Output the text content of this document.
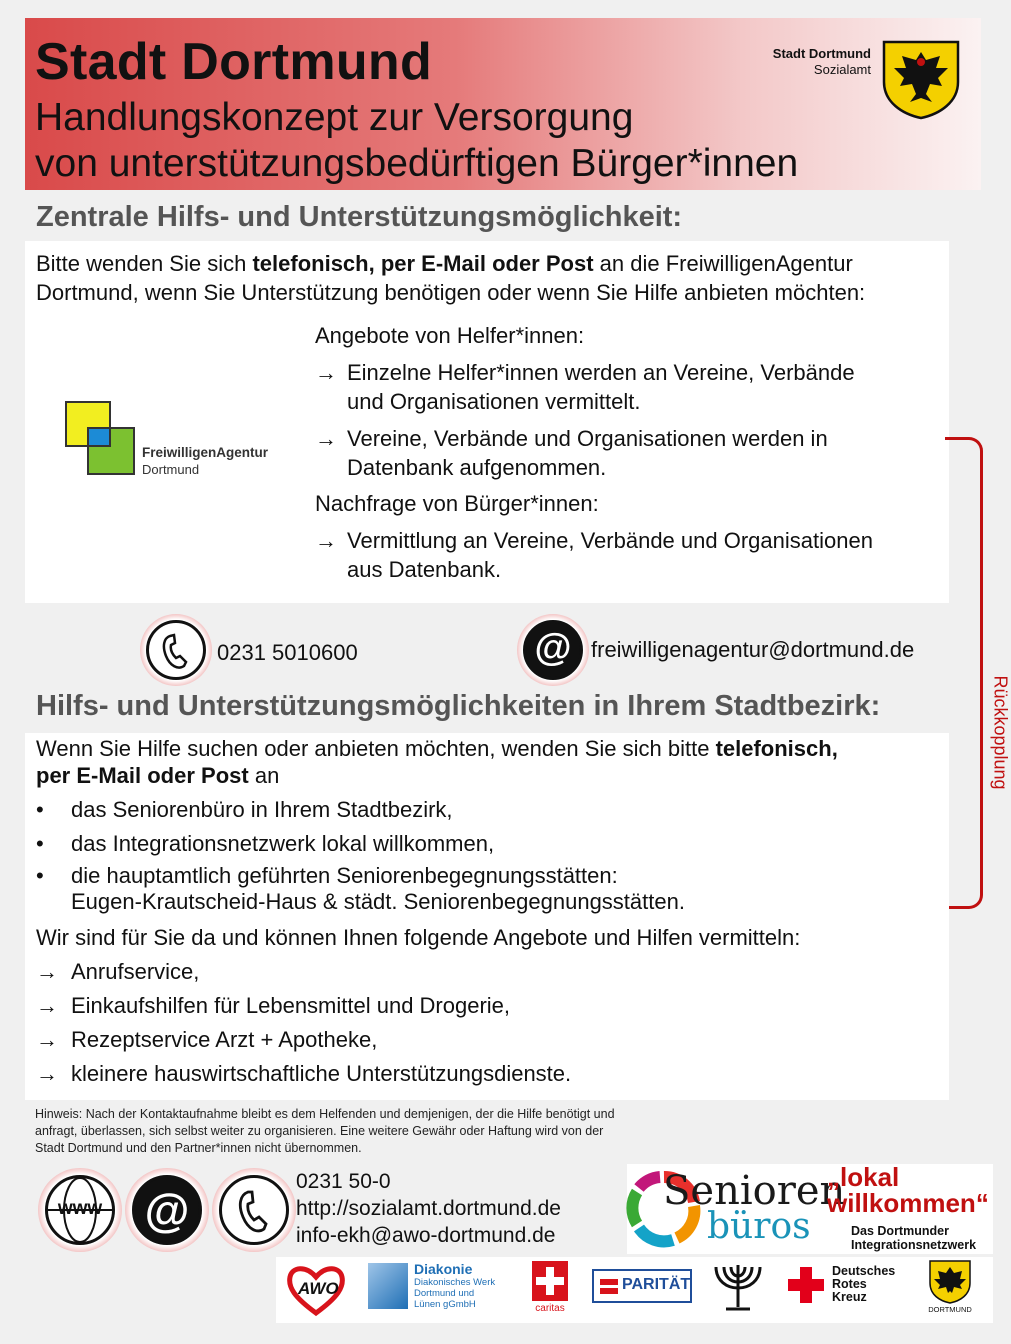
Stadt Dortmund
Handlungskonzept zur Versorgung
von unterstützungsbedürftigen Bürger*innen
Stadt Dortmund
Sozialamt
Zentrale Hilfs- und Unterstützungsmöglichkeit:
Bitte wenden Sie sich telefonisch, per E-Mail oder Post an die FreiwilligenAgentur
Dortmund, wenn Sie Unterstützung benötigen oder wenn Sie Hilfe anbieten möchten:
FreiwilligenAgentur
Dortmund
Angebote von Helfer*innen:
→ Einzelne Helfer*innen werden an Vereine, Verbände
und Organisationen vermittelt.
→ Vereine, Verbände und Organisationen werden in
Datenbank aufgenommen.
Nachfrage von Bürger*innen:
→ Vermittlung an Vereine, Verbände und Organisationen
aus Datenbank.
0231 5010600	@ freiwilligenagentur@dortmund.de
Rückkopplung
Hilfs- und Unterstützungsmöglichkeiten in Ihrem Stadtbezirk:
Wenn Sie Hilfe suchen oder anbieten möchten, wenden Sie sich bitte telefonisch,
per E-Mail oder Post an
• das Seniorenbüro in Ihrem Stadtbezirk,
• das Integrationsnetzwerk lokal willkommen,
• die hauptamtlich geführten Seniorenbegegnungsstätten:
Eugen-Krautscheid-Haus & städt. Seniorenbegegnungsstätten.
Wir sind für Sie da und können Ihnen folgende Angebote und Hilfen vermitteln:
→ Anrufservice,
→ Einkaufshilfen für Lebensmittel und Drogerie,
→ Rezeptservice Arzt + Apotheke,
→ kleinere hauswirtschaftliche Unterstützungsdienste.
Hinweis: Nach der Kontaktaufnahme bleibt es dem Helfenden und demjenigen, der die Hilfe benötigt und
anfragt, überlassen, sich selbst weiter zu organisieren. Eine weitere Gewähr oder Haftung wird von der
Stadt Dortmund und den Partner*innen nicht übernommen.
www @
0231 50-0
http://sozialamt.dortmund.de
info-ekh@awo-dortmund.de
Senioren
büros
„lokal
willkommen“
Das Dortmunder
Integrationsnetzwerk
AWO
Diakonie
Diakonisches Werk
Dortmund und
Lünen gGmbH	caritas
PARITÄT
Deutsches
Rotes
Kreuz
DORTMUND
